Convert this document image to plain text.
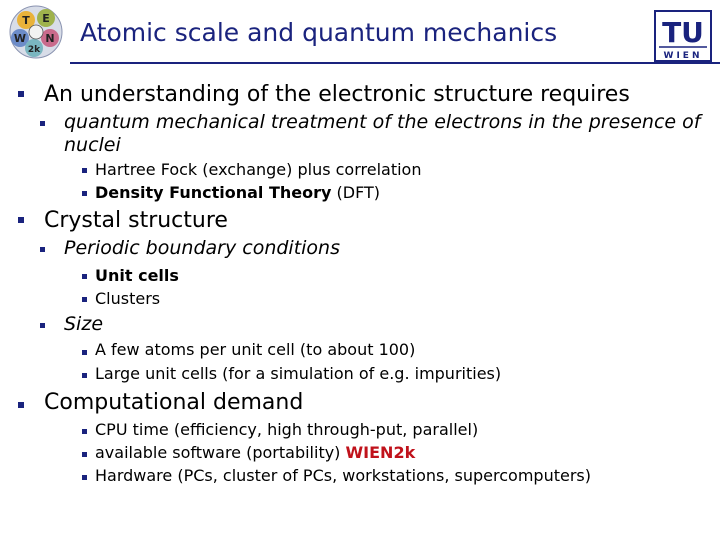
T E
W N
2k
Atomic scale and quantum mechanics	TU
WIEN
An understanding of the electronic structure requires
quantum mechanical treatment of the electrons in the presence of
nuclei
Hartree Fock (exchange) plus correlation
Density Functional Theory (DFT)
Crystal structure
Periodic boundary conditions
Unit cells
Clusters
Size
A few atoms per unit cell (to about 100)
Large unit cells (for a simulation of e.g. impurities)
Computational demand
CPU time (efficiency, high through-put, parallel)
available software (portability) WIEN2k
Hardware (PCs, cluster of PCs, workstations, supercomputers)
